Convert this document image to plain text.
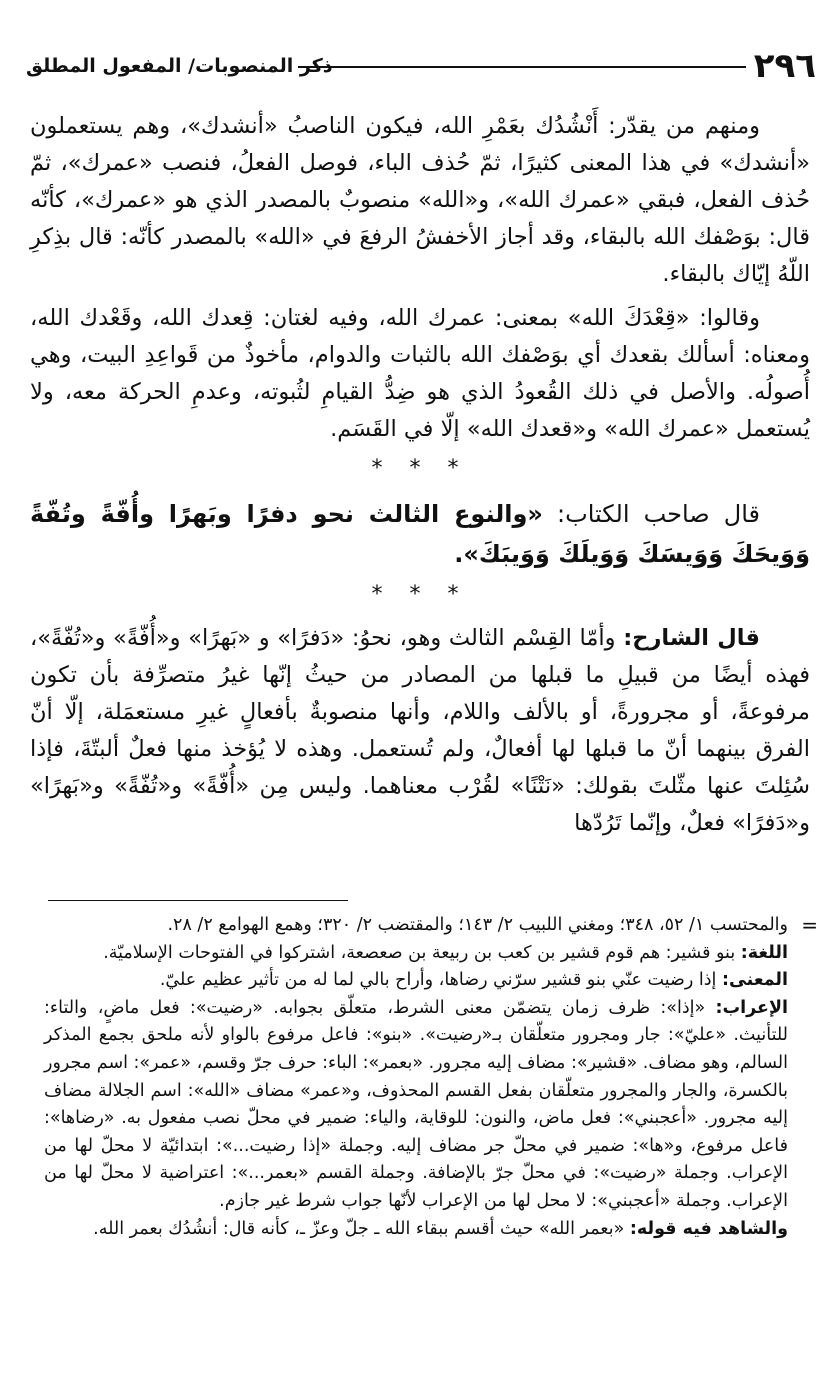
٢٩٦
ذكر المنصوبات/ المفعول المطلق

ومنهم من يقدّر: أَنْشُدُك بعَمْرِ الله، فيكون الناصبُ «أنشدك»، وهم يستعملون «أنشدك» في هذا المعنى كثيرًا، ثمّ حُذف الباء، فوصل الفعلُ، فنصب «عمرك»، ثمّ حُذف الفعل، فبقي «عمرك الله»، و«الله» منصوبٌ بالمصدر الذي هو «عمرك»، كأنّه قال: بوَصْفك الله بالبقاء، وقد أجاز الأخفشُ الرفعَ في «الله» بالمصدر كأنّه: قال بذِكرِ اللّهُ إيّاك بالبقاء.

وقالوا: «قِعْدَكَ الله» بمعنى: عمرك الله، وفيه لغتان: قِعدك الله، وقَعْدك الله، ومعناه: أسألك بقعدك أي بوَصْفك الله بالثبات والدوام، مأخوذٌ من قَواعِدِ البيت، وهي أُصولُه. والأصل في ذلك القُعودُ الذي هو ضِدُّ القيامِ لثُبوته، وعدمِ الحركة معه، ولا يُستعمل «عمرك الله» و«قعدك الله» إلّا في القَسَم.

* * *

قال صاحب الكتاب: «والنوع الثالث نحو دفرًا وبَهرًا وأُفّةً وتُفّةً وَوَيحَكَ وَوَيسَكَ وَوَيلَكَ وَوَيبَكَ».

* * *

قال الشارح: وأمّا القِسْم الثالث وهو، نحوُ: «دَفرًا» و «بَهرًا» و«أُفّةً» و«تُفّةً»، فهذه أيضًا من قبيلِ ما قبلها من المصادر من حيثُ إنّها غيرُ متصرِّفة بأن تكون مرفوعةً، أو مجرورةً، أو بالألف واللام، وأنها منصوبةٌ بأفعالٍ غيرِ مستعمَلة، إلّا أنّ الفرق بينهما أنّ ما قبلها لها أفعالٌ، ولم تُستعمل. وهذه لا يُؤخذ منها فعلٌ ألبتّةَ، فإذا سُئِلتَ عنها مثّلتَ بقولك: «نَتْنًا» لقُرْب معناهما. وليس مِن «أُفّةً» و«تُفّةً» و«بَهرًا» و«دَفرًا» فعلٌ، وإنّما تَرُدّها

=
والمحتسب ١/ ٥٢، ٣٤٨؛ ومغني اللبيب ٢/ ١٤٣؛ والمقتضب ٢/ ٣٢٠؛ وهمع الهوامع ٢/ ٢٨.

اللغة: بنو قشير: هم قوم قشير بن كعب بن ربيعة بن صعصعة، اشتركوا في الفتوحات الإسلاميّة.

المعنى: إذا رضيت عنّي بنو قشير سرّني رضاها، وأراح بالي لما له من تأثير عظيم عليّ.

الإعراب: «إذا»: ظرف زمان يتضمّن معنى الشرط، متعلّق بجوابه. «رضيت»: فعل ماضٍ، والتاء: للتأنيث. «عليّ»: جار ومجرور متعلّقان بـ«رضيت». «بنو»: فاعل مرفوع بالواو لأنه ملحق بجمع المذكر السالم، وهو مضاف. «قشير»: مضاف إليه مجرور. «بعمر»: الباء: حرف جرّ وقسم، «عمر»: اسم مجرور بالكسرة، والجار والمجرور متعلّقان بفعل القسم المحذوف، و«عمر» مضاف «الله»: اسم الجلالة مضاف إليه مجرور. «أعجبني»: فعل ماض، والنون: للوقاية، والياء: ضمير في محلّ نصب مفعول به. «رضاها»: فاعل مرفوع، و«ها»: ضمير في محلّ جر مضاف إليه. وجملة «إذا رضيت...»: ابتدائيّة لا محلّ لها من الإعراب. وجملة «رضيت»: في محلّ جرّ بالإضافة. وجملة القسم «بعمر...»: اعتراضية لا محلّ لها من الإعراب. وجملة «أعجبني»: لا محل لها من الإعراب لأنّها جواب شرط غير جازم.

والشاهد فيه قوله: «بعمر الله» حيث أقسم ببقاء الله ـ جلّ وعزّ ـ، كأنه قال: أنشُدُك بعمر الله.
